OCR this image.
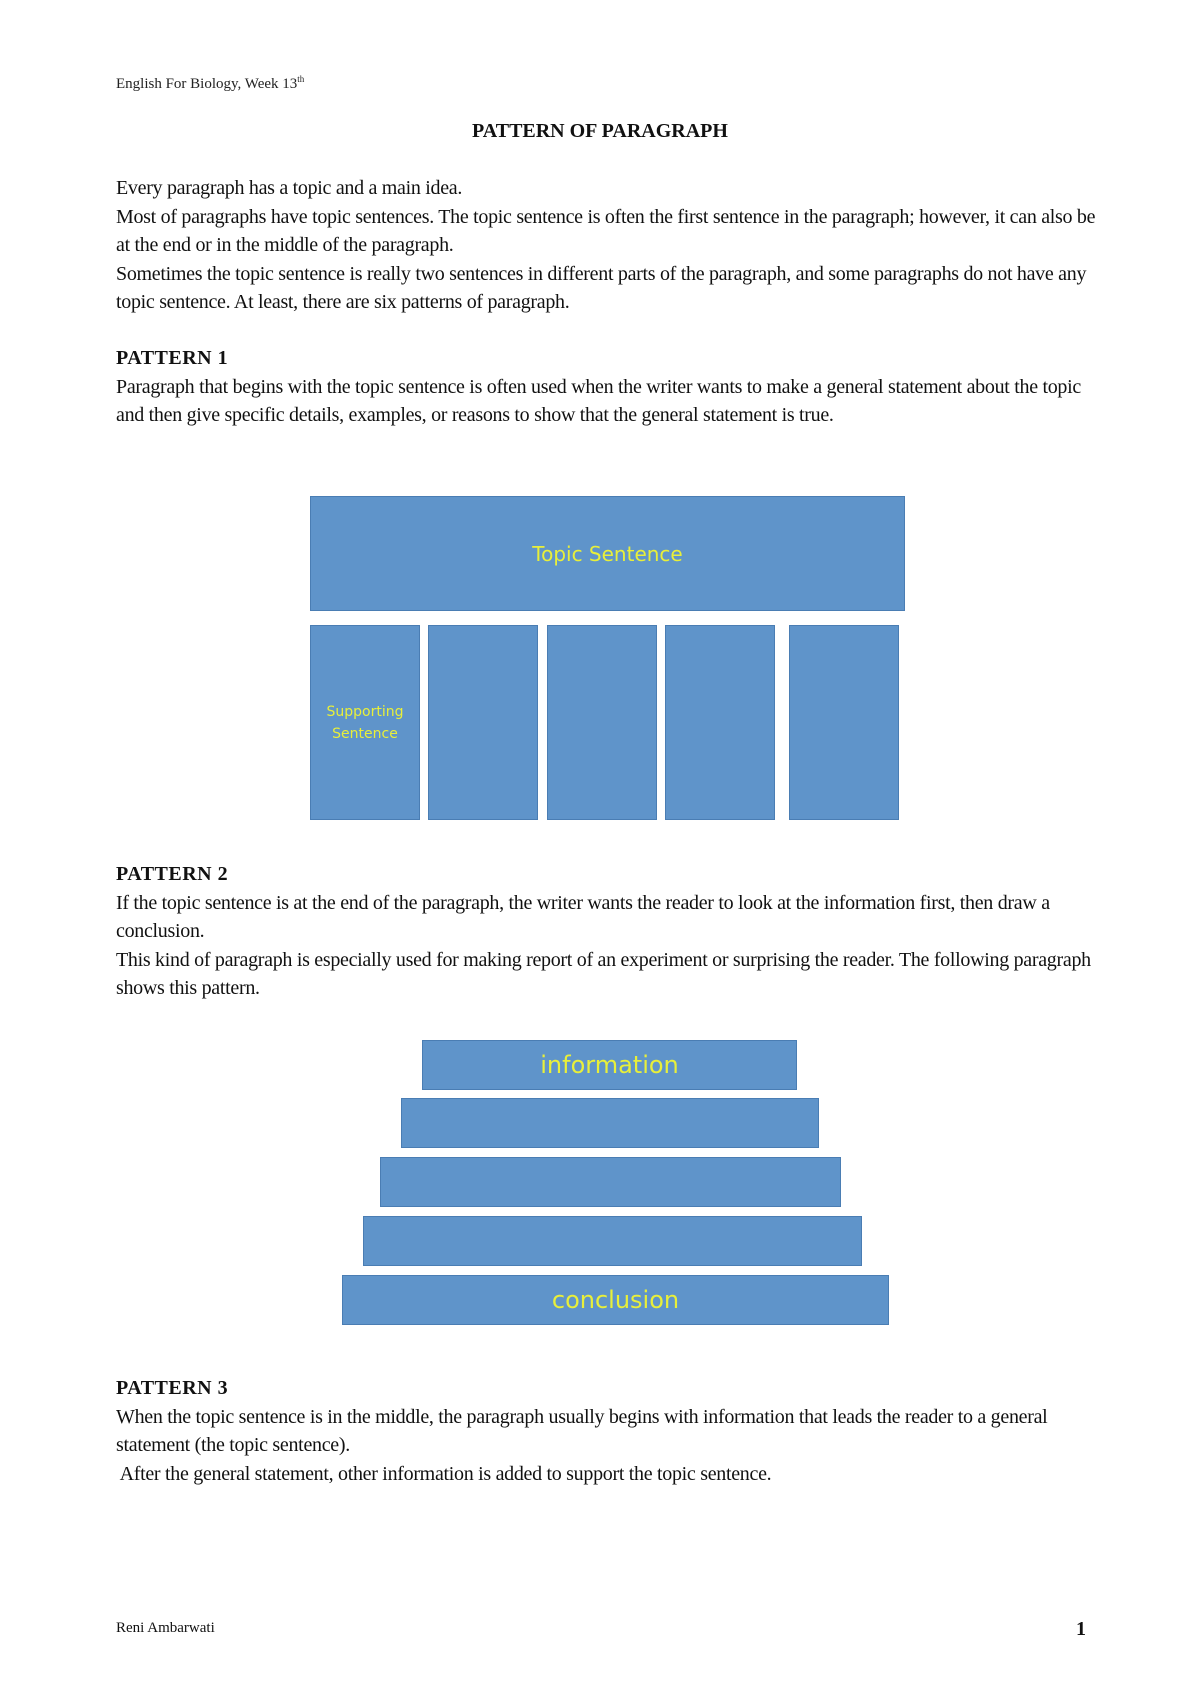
English For Biology, Week 13th
PATTERN OF PARAGRAPH

Every paragraph has a topic and a main idea.

Most of paragraphs have topic sentences. The topic sentence is often the first sentence in the paragraph; however, it can also be at the end or in the middle of the paragraph.

Sometimes the topic sentence is really two sentences in different parts of the paragraph, and some paragraphs do not have any topic sentence. At least, there are six patterns of paragraph.

PATTERN 1

Paragraph that begins with the topic sentence is often used when the writer wants to make a general statement about the topic and then give specific details, examples, or reasons to show that the general statement is true.

Topic Sentence
Supporting Sentence

PATTERN 2

If the topic sentence is at the end of the paragraph, the writer wants the reader to look at the information first, then draw a conclusion.

This kind of paragraph is especially used for making report of an experiment or surprising the reader. The following paragraph shows this pattern.

information
conclusion

PATTERN 3

When the topic sentence is in the middle, the paragraph usually begins with information that leads the reader to a general statement (the topic sentence).

After the general statement, other information is added to support the topic sentence.

Reni Ambarwati	1
